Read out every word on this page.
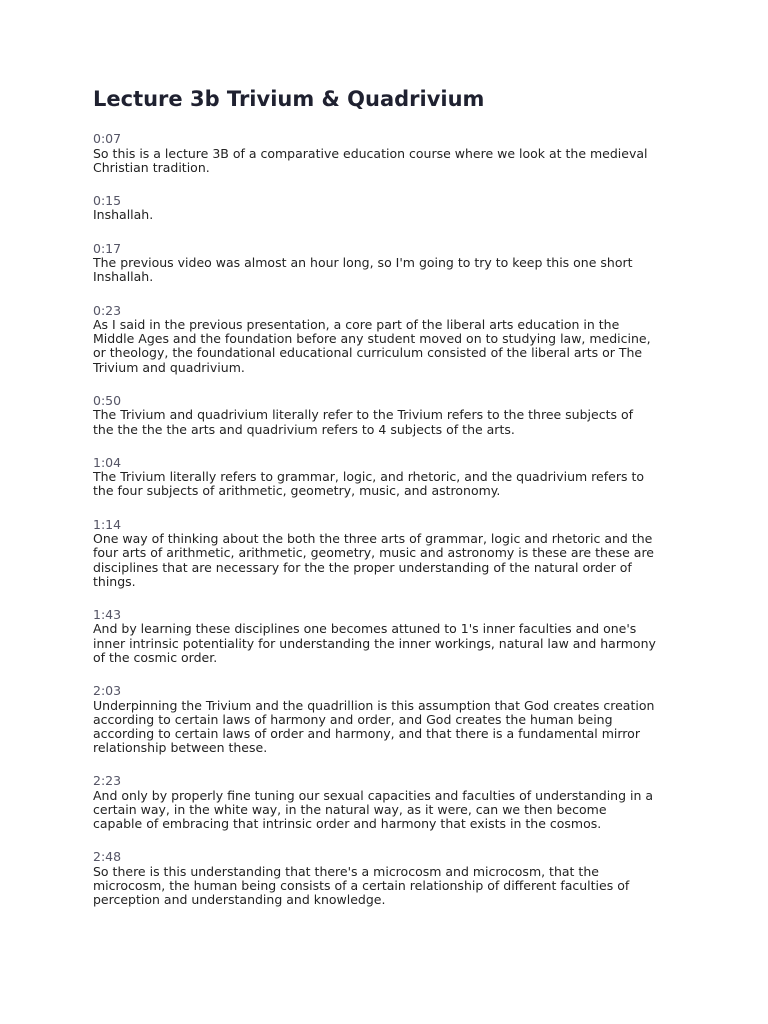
Lecture 3b Trivium & Quadrivium
0:07
So this is a lecture 3B of a comparative education course where we look at the medieval
Christian tradition.
0:15
Inshallah.
0:17
The previous video was almost an hour long, so I'm going to try to keep this one short
Inshallah.
0:23
As I said in the previous presentation, a core part of the liberal arts education in the
Middle Ages and the foundation before any student moved on to studying law, medicine,
or theology, the foundational educational curriculum consisted of the liberal arts or The
Trivium and quadrivium.
0:50
The Trivium and quadrivium literally refer to the Trivium refers to the three subjects of
the the the the arts and quadrivium refers to 4 subjects of the arts.
1:04
The Trivium literally refers to grammar, logic, and rhetoric, and the quadrivium refers to
the four subjects of arithmetic, geometry, music, and astronomy.
1:14
One way of thinking about the both the three arts of grammar, logic and rhetoric and the
four arts of arithmetic, arithmetic, geometry, music and astronomy is these are these are
disciplines that are necessary for the the proper understanding of the natural order of
things.
1:43
And by learning these disciplines one becomes attuned to 1's inner faculties and one's
inner intrinsic potentiality for understanding the inner workings, natural law and harmony
of the cosmic order.
2:03
Underpinning the Trivium and the quadrillion is this assumption that God creates creation
according to certain laws of harmony and order, and God creates the human being
according to certain laws of order and harmony, and that there is a fundamental mirror
relationship between these.
2:23
And only by properly fine tuning our sexual capacities and faculties of understanding in a
certain way, in the white way, in the natural way, as it were, can we then become
capable of embracing that intrinsic order and harmony that exists in the cosmos.
2:48
So there is this understanding that there's a microcosm and microcosm, that the
microcosm, the human being consists of a certain relationship of different faculties of
perception and understanding and knowledge.
